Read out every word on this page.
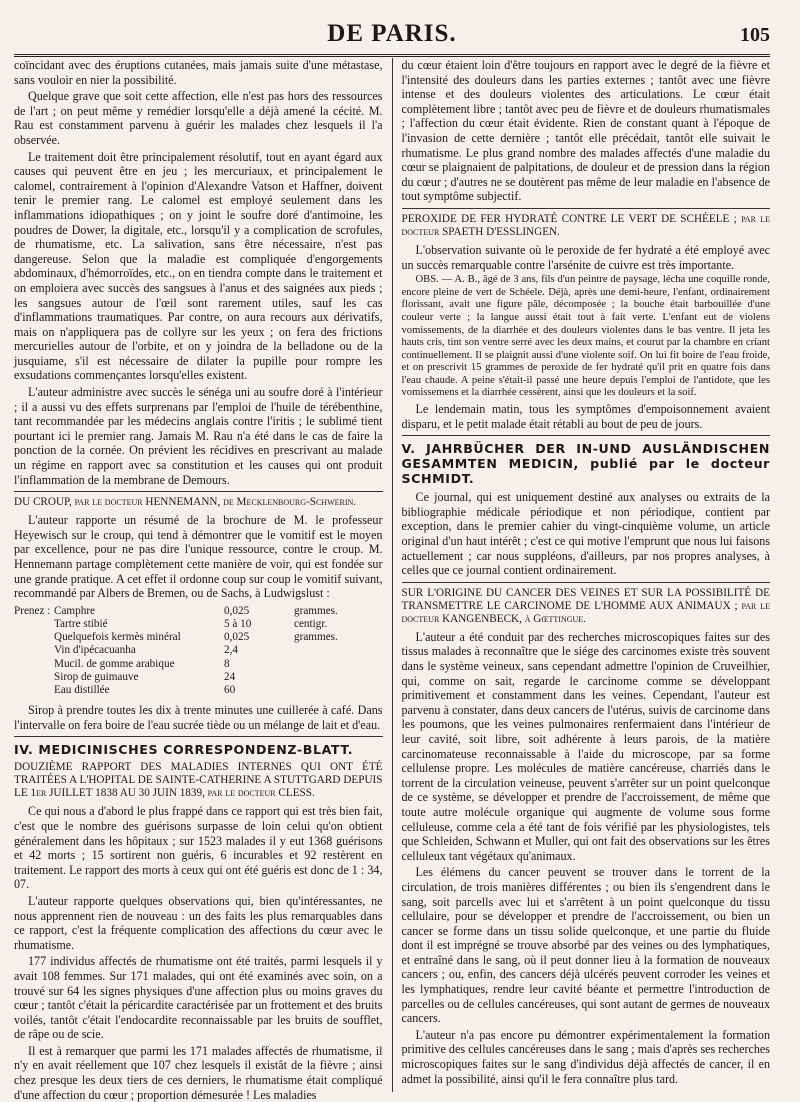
DE PARIS.	105

coïncidant avec des éruptions cutanées, mais jamais suite d'une métastase, sans vouloir en nier la possibilité.

Quelque grave que soit cette affection, elle n'est pas hors des ressources de l'art ; on peut même y remédier lorsqu'elle a déjà amené la cécité. M. Rau est constamment parvenu à guérir les malades chez lesquels il l'a observée.

Le traitement doit être principalement résolutif, tout en ayant égard aux causes qui peuvent être en jeu ; les mercuriaux, et principalement le calomel, contrairement à l'opinion d'Alexandre Vatson et Haffner, doivent tenir le premier rang. Le calomel est employé seulement dans les inflammations idiopathiques ; on y joint le soufre doré d'antimoine, les poudres de Dower, la digitale, etc., lorsqu'il y a complication de scrofules, de rhumatisme, etc. La salivation, sans être nécessaire, n'est pas dangereuse. Selon que la maladie est compliquée d'engorgements abdominaux, d'hémorroïdes, etc., on en tiendra compte dans le traitement et on emploiera avec succès des sangsues à l'anus et des saignées aux pieds ; les sangsues autour de l'œil sont rarement utiles, sauf les cas d'inflammations traumatiques. Par contre, on aura recours aux dérivatifs, mais on n'appliquera pas de collyre sur les yeux ; on fera des frictions mercurielles autour de l'orbite, et on y joindra de la belladone ou de la jusquiame, s'il est nécessaire de dilater la pupille pour rompre les exsudations commençantes lorsqu'elles existent.

L'auteur administre avec succès le sénéga uni au soufre doré à l'intérieur ; il a aussi vu des effets surprenans par l'emploi de l'huile de térébenthine, tant recommandée par les médecins anglais contre l'iritis ; le sublimé tient pourtant ici le premier rang. Jamais M. Rau n'a été dans le cas de faire la ponction de la cornée. On prévient les récidives en prescrivant au malade un régime en rapport avec sa constitution et les causes qui ont produit l'inflammation de la membrane de Demours.

DU CROUP, par le docteur HENNEMANN, de Mecklenbourg-Schwerin.

L'auteur rapporte un résumé de la brochure de M. le professeur Heyewisch sur le croup, qui tend à démontrer que le vomitif est le moyen par excellence, pour ne pas dire l'unique ressource, contre le croup. M. Hennemann partage complètement cette manière de voir, qui est fondée sur une grande pratique. A cet effet il ordonne coup sur coup le vomitif suivant, recommandé par Albers de Bremen, ou de Sachs, à Ludwigslust :

Prenez :	Camphre	0,025	grammes.
	Tartre stibié	5 à 10	centigr.
	Quelquefois kermès minéral	0,025	grammes.
	Vin d'ipécacuanha	2,4	
	Mucil. de gomme arabique	8	
	Sirop de guimauve	24	
	Eau distillée	60	

Sirop à prendre toutes les dix à trente minutes une cuillerée à café. Dans l'intervalle on fera boire de l'eau sucrée tiède ou un mélange de lait et d'eau.

IV. MEDICINISCHES CORRESPONDENZ-BLATT.

DOUZIÈME RAPPORT DES MALADIES INTERNES QUI ONT ÉTÉ TRAITÉES A L'HOPITAL DE SAINTE-CATHERINE A STUTTGARD DEPUIS LE 1er JUILLET 1838 AU 30 JUIN 1839, par le docteur CLESS.

Ce qui nous a d'abord le plus frappé dans ce rapport qui est très bien fait, c'est que le nombre des guérisons surpasse de loin celui qu'on obtient généralement dans les hôpitaux ; sur 1523 malades il y eut 1368 guérisons et 42 morts ; 15 sortirent non guéris, 6 incurables et 92 restèrent en traitement. Le rapport des morts à ceux qui ont été guéris est donc de 1 : 34, 07.

L'auteur rapporte quelques observations qui, bien qu'intéressantes, ne nous apprennent rien de nouveau : un des faits les plus remarquables dans ce rapport, c'est la fréquente complication des affections du cœur avec le rhumatisme.

177 individus affectés de rhumatisme ont été traités, parmi lesquels il y avait 108 femmes. Sur 171 malades, qui ont été examinés avec soin, on a trouvé sur 64 les signes physiques d'une affection plus ou moins graves du cœur ; tantôt c'était la péricardite caractérisée par un frottement et des bruits voilés, tantôt c'était l'endocardite reconnaissable par les bruits de soufflet, de râpe ou de scie.

Il est à remarquer que parmi les 171 malades affectés de rhumatisme, il n'y en avait réellement que 107 chez lesquels il existât de la fièvre ; ainsi chez presque les deux tiers de ces derniers, le rhumatisme était compliqué d'une affection du cœur ; proportion démesurée ! Les maladies

du cœur étaient loin d'être toujours en rapport avec le degré de la fièvre et l'intensité des douleurs dans les parties externes ; tantôt avec une fièvre intense et des douleurs violentes des articulations. Le cœur était complètement libre ; tantôt avec peu de fièvre et de douleurs rhumatismales ; l'affection du cœur était évidente. Rien de constant quant à l'époque de l'invasion de cette dernière ; tantôt elle précédait, tantôt elle suivait le rhumatisme. Le plus grand nombre des malades affectés d'une maladie du cœur se plaignaient de palpitations, de douleur et de pression dans la région du cœur ; d'autres ne se doutèrent pas même de leur maladie en l'absence de tout symptôme subjectif.

PEROXIDE DE FER HYDRATÉ CONTRE LE VERT DE SCHÉELE ; par le docteur SPAETH D'ESSLINGEN.

L'observation suivante où le peroxide de fer hydraté a été employé avec un succès remarquable contre l'arsénite de cuivre est très importante.

OBS. — A. B., âgé de 3 ans, fils d'un peintre de paysage, lécha une coquille ronde, encore pleine de vert de Schéele. Déjà, après une demi-heure, l'enfant, ordinairement florissant, avait une figure pâle, décomposée ; la bouche était barbouillée d'une couleur verte ; la langue aussi était tout à fait verte. L'enfant eut de violens vomissements, de la diarrhée et des douleurs violentes dans le bas ventre. Il jeta les hauts cris, tint son ventre serré avec les deux mains, et courut par la chambre en criant continuellement. Il se plaignit aussi d'une violente soif. On lui fit boire de l'eau froide, et on prescrivit 15 grammes de peroxide de fer hydraté qu'il prit en quatre fois dans l'eau chaude. A peine s'était-il passé une heure depuis l'emploi de l'antidote, que les vomissemens et la diarrhée cessèrent, ainsi que les douleurs et la soif.

Le lendemain matin, tous les symptômes d'empoisonnement avaient disparu, et le petit malade était rétabli au bout de peu de jours.

V. JAHRBÜCHER DER IN-UND AUSLÄNDISCHEN GESAMMTEN MEDICIN, publié par le docteur SCHMIDT.

Ce journal, qui est uniquement destiné aux analyses ou extraits de la bibliographie médicale périodique et non périodique, contient par exception, dans le premier cahier du vingt-cinquième volume, un article original d'un haut intérêt ; c'est ce qui motive l'emprunt que nous lui faisons actuellement ; car nous suppléons, d'ailleurs, par nos propres analyses, à celles que ce journal contient ordinairement.

SUR L'ORIGINE DU CANCER DES VEINES ET SUR LA POSSIBILITÉ DE TRANSMETTRE LE CARCINOME DE L'HOMME AUX ANIMAUX ; par le docteur KANGENBECK, à Gœttingue.

L'auteur a été conduit par des recherches microscopiques faites sur des tissus malades à reconnaître que le siége des carcinomes existe très souvent dans le système veineux, sans cependant admettre l'opinion de Cruveilhier, qui, comme on sait, regarde le carcinome comme se développant primitivement et constamment dans les veines. Cependant, l'auteur est parvenu à constater, dans deux cancers de l'utérus, suivis de carcinome dans les poumons, que les veines pulmonaires renfermaient dans l'intérieur de leur cavité, soit libre, soit adhérente à leurs parois, de la matière carcinomateuse reconnaissable à l'aide du microscope, par sa forme cellulense propre. Les molécules de matière cancéreuse, charriés dans le torrent de la circulation veineuse, peuvent s'arrêter sur un point quelconque de ce système, se développer et prendre de l'accroissement, de même que toute autre molécule organique qui augmente de volume sous forme celluleuse, comme cela a été tant de fois vérifié par les physiologistes, tels que Schleiden, Schwann et Muller, qui ont fait des observations sur les êtres celluleux tant végétaux qu'animaux.

Les élémens du cancer peuvent se trouver dans le torrent de la circulation, de trois manières différentes ; ou bien ils s'engendrent dans le sang, soit parcells avec lui et s'arrêtent à un point quelconque du tissu cellulaire, pour se développer et prendre de l'accroissement, ou bien un cancer se forme dans un tissu solide quelconque, et une partie du fluide dont il est imprégné se trouve absorbé par des veines ou des lymphatiques, et entraîné dans le sang, où il peut donner lieu à la formation de nouveaux cancers ; ou, enfin, des cancers déjà ulcérés peuvent corroder les veines et les lymphatiques, rendre leur cavité béante et permettre l'introduction de parcelles ou de cellules cancéreuses, qui sont autant de germes de nouveaux cancers.

L'auteur n'a pas encore pu démontrer expérimentalement la formation primitive des cellules cancéreuses dans le sang ; mais d'après ses recherches microscopiques faites sur le sang d'individus déjà affectés de cancer, il en admet la possibilité, ainsi qu'il le fera connaître plus tard.
